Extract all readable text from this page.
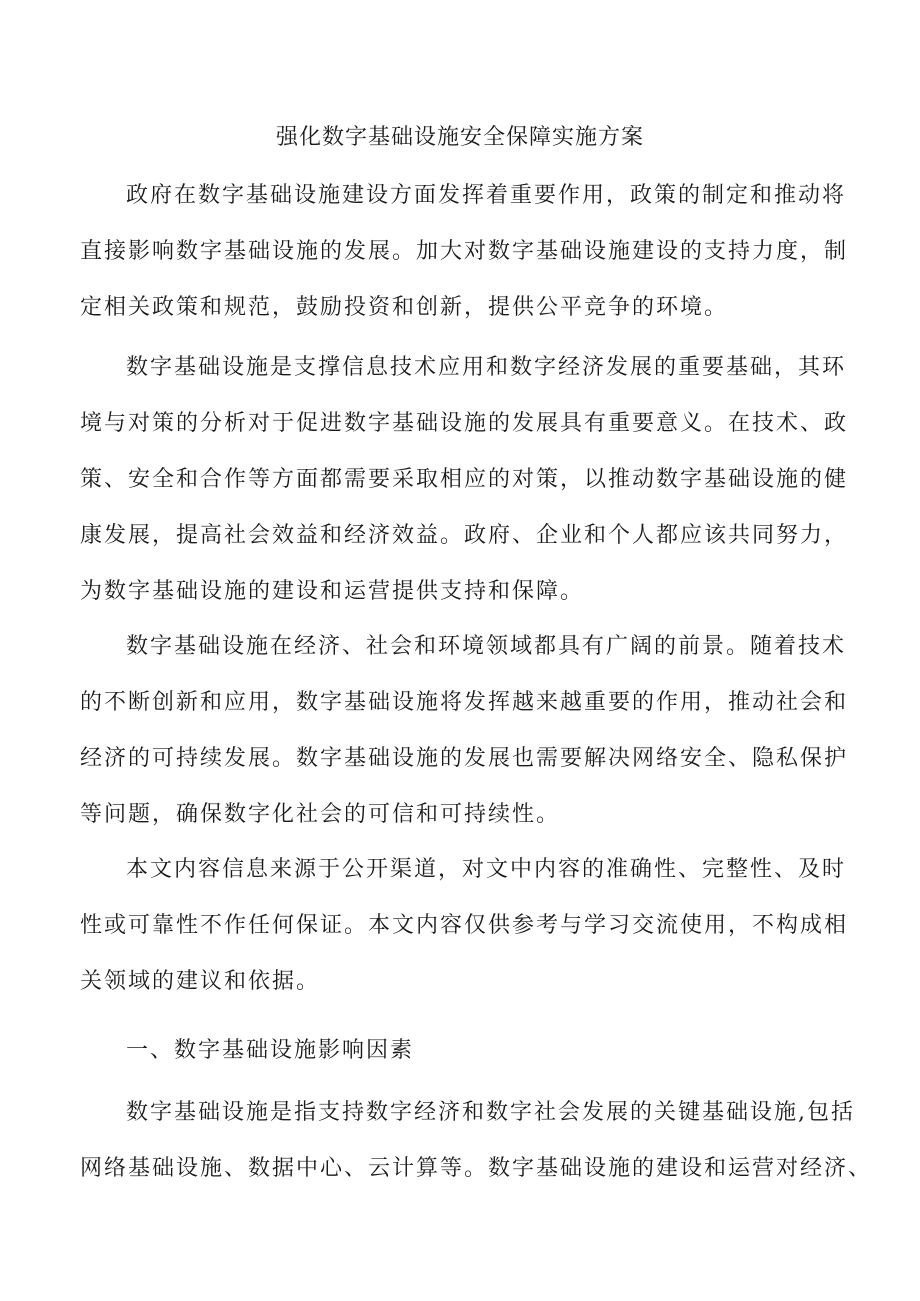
强化数字基础设施安全保障实施方案
政府在数字基础设施建设方面发挥着重要作用，政策的制定和推动将
直接影响数字基础设施的发展。加大对数字基础设施建设的支持力度，制
定相关政策和规范，鼓励投资和创新，提供公平竞争的环境。
数字基础设施是支撑信息技术应用和数字经济发展的重要基础，其环
境与对策的分析对于促进数字基础设施的发展具有重要意义。在技术、政
策、安全和合作等方面都需要采取相应的对策，以推动数字基础设施的健
康发展，提高社会效益和经济效益。政府、企业和个人都应该共同努力，
为数字基础设施的建设和运营提供支持和保障。
数字基础设施在经济、社会和环境领域都具有广阔的前景。随着技术
的不断创新和应用，数字基础设施将发挥越来越重要的作用，推动社会和
经济的可持续发展。数字基础设施的发展也需要解决网络安全、隐私保护
等问题，确保数字化社会的可信和可持续性。
本文内容信息来源于公开渠道，对文中内容的准确性、完整性、及时
性或可靠性不作任何保证。本文内容仅供参考与学习交流使用，不构成相
关领域的建议和依据。
一、数字基础设施影响因素
数字基础设施是指支持数字经济和数字社会发展的关键基础设施,包括
网络基础设施、数据中心、云计算等。数字基础设施的建设和运营对经济、
